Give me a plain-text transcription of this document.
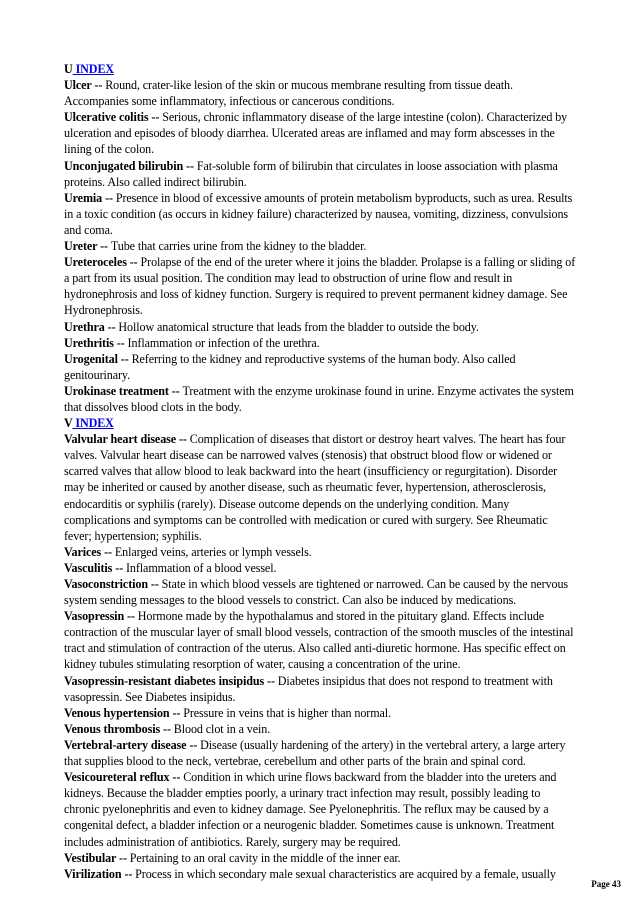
U INDEX
Ulcer -- Round, crater-like lesion of the skin or mucous membrane resulting from tissue death. Accompanies some inflammatory, infectious or cancerous conditions.
Ulcerative colitis -- Serious, chronic inflammatory disease of the large intestine (colon). Characterized by ulceration and episodes of bloody diarrhea. Ulcerated areas are inflamed and may form abscesses in the lining of the colon.
Unconjugated bilirubin -- Fat-soluble form of bilirubin that circulates in loose association with plasma proteins. Also called indirect bilirubin.
Uremia -- Presence in blood of excessive amounts of protein metabolism byproducts, such as urea. Results in a toxic condition (as occurs in kidney failure) characterized by nausea, vomiting, dizziness, convulsions and coma.
Ureter -- Tube that carries urine from the kidney to the bladder.
Ureteroceles -- Prolapse of the end of the ureter where it joins the bladder. Prolapse is a falling or sliding of a part from its usual position. The condition may lead to obstruction of urine flow and result in hydronephrosis and loss of kidney function. Surgery is required to prevent permanent kidney damage. See Hydronephrosis.
Urethra -- Hollow anatomical structure that leads from the bladder to outside the body.
Urethritis -- Inflammation or infection of the urethra.
Urogenital -- Referring to the kidney and reproductive systems of the human body. Also called genitourinary.
Urokinase treatment -- Treatment with the enzyme urokinase found in urine. Enzyme activates the system that dissolves blood clots in the body.
V INDEX
Valvular heart disease -- Complication of diseases that distort or destroy heart valves. The heart has four valves. Valvular heart disease can be narrowed valves (stenosis) that obstruct blood flow or widened or scarred valves that allow blood to leak backward into the heart (insufficiency or regurgitation). Disorder may be inherited or caused by another disease, such as rheumatic fever, hypertension, atherosclerosis, endocarditis or syphilis (rarely). Disease outcome depends on the underlying condition. Many complications and symptoms can be controlled with medication or cured with surgery. See Rheumatic fever; hypertension; syphilis.
Varices -- Enlarged veins, arteries or lymph vessels.
Vasculitis -- Inflammation of a blood vessel.
Vasoconstriction -- State in which blood vessels are tightened or narrowed. Can be caused by the nervous system sending messages to the blood vessels to constrict. Can also be induced by medications.
Vasopressin -- Hormone made by the hypothalamus and stored in the pituitary gland. Effects include contraction of the muscular layer of small blood vessels, contraction of the smooth muscles of the intestinal tract and stimulation of contraction of the uterus. Also called anti-diuretic hormone. Has specific effect on kidney tubules stimulating resorption of water, causing a concentration of the urine.
Vasopressin-resistant diabetes insipidus -- Diabetes insipidus that does not respond to treatment with vasopressin. See Diabetes insipidus.
Venous hypertension -- Pressure in veins that is higher than normal.
Venous thrombosis -- Blood clot in a vein.
Vertebral-artery disease -- Disease (usually hardening of the artery) in the vertebral artery, a large artery that supplies blood to the neck, vertebrae, cerebellum and other parts of the brain and spinal cord.
Vesicoureteral reflux -- Condition in which urine flows backward from the bladder into the ureters and kidneys. Because the bladder empties poorly, a urinary tract infection may result, possibly leading to chronic pyelonephritis and even to kidney damage. See Pyelonephritis. The reflux may be caused by a congenital defect, a bladder infection or a neurogenic bladder. Sometimes cause is unknown. Treatment includes administration of antibiotics. Rarely, surgery may be required.
Vestibular -- Pertaining to an oral cavity in the middle of the inner ear.
Virilization -- Process in which secondary male sexual characteristics are acquired by a female, usually
Page 43
